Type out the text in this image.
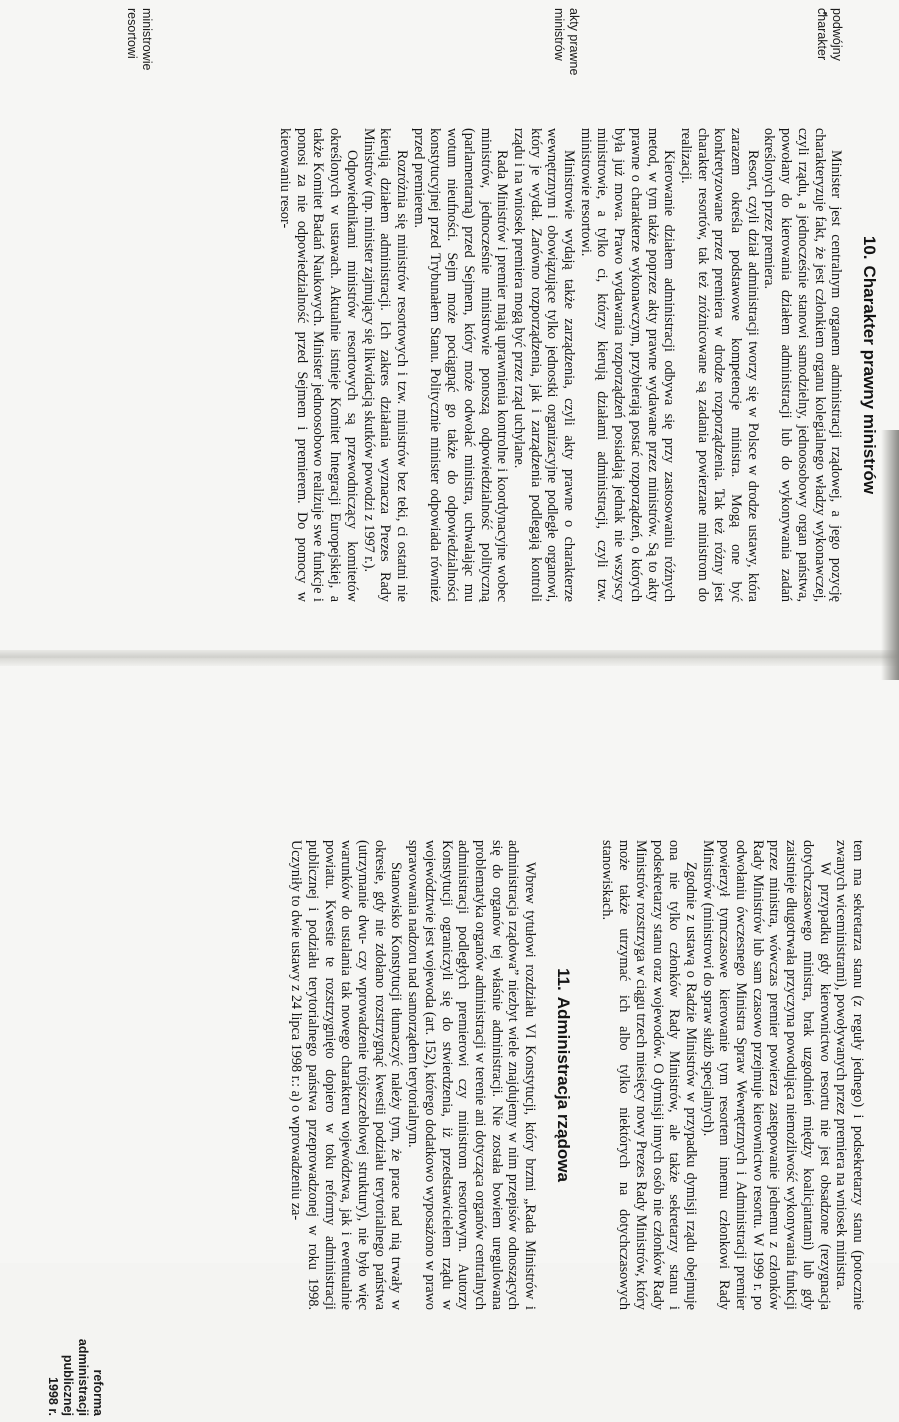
podwójny charakter
akty prawne ministrów
ministrowie resortowi
10.Charakter prawny ministrów

Minister jest centralnym organem administracji rządowej, a jego pozycję charakteryzuje fakt, że jest członkiem organu kolegialnego władzy wykonawczej, czyli rządu, a jednocześnie stanowi samodzielny, jednoosobowy organ państwa, powołany do kierowania działem administracji lub do wykonywania zadań określonych przez premiera.

Resort, czyli dział administracji tworzy się w Polsce w drodze ustawy, która zarazem określa podstawowe kompetencje ministra. Mogą one być konkretyzowane przez premiera w drodze rozporządzenia. Tak też różny jest charakter resortów, tak też zróżnicowane są zadania powierzane ministrom do realizacji.

Kierowanie działem administracji odbywa się przy zastosowaniu różnych metod, w tym także poprzez akty prawne wydawane przez ministrów. Są to akty prawne o charakterze wykonawczym, przybierają postać rozporządzeń, o których była już mowa. Prawo wydawania rozporządzeń posiadają jednak nie wszyscy ministrowie, a tylko ci, którzy kierują działami administracji, czyli tzw. ministrowie resortowi.

Ministrowie wydają także zarządzenia, czyli akty prawne o charakterze wewnętrznym i obowiązujące tylko jednostki organizacyjne podległe organowi, który je wydał. Zarówno rozporządzenia, jak i zarządzenia podlegają kontroli rządu i na wniosek premiera mogą być przez rząd uchylane.

Rada Ministrów i premier mają uprawnienia kontrolne i koordynacyjne wobec ministrów, jednocześnie ministrowie ponoszą odpowiedzialność polityczną (parlamentarną) przed Sejmem, który może odwołać ministra, uchwalając mu wotum nieufności. Sejm może pociągnąć go także do odpowiedzialności konstytucyjnej przed Trybunałem Stanu. Politycznie minister odpowiada również przed premierem.

Rozróżnia się ministrów resortowych i tzw. ministrów bez teki, ci ostatni nie kierują działem administracji. Ich zakres działania wyznacza Prezes Rady Ministrów (np. minister zajmujący się likwidacją skutków powodzi z 1997 r.).

Odpowiednikami ministrów resortowych są przewodniczący komitetów określonych w ustawach. Aktualnie istnieje Komitet Integracji Europejskiej, a także Komitet Badań Naukowych. Minister jednoosobowo realizuje swe funkcje i ponosi za nie odpowiedzialność przed Sejmem i premierem. Do pomocy w kierowaniu resor-

tem ma sekretarza stanu (z reguły jednego) i podsekretarzy stanu (potocznie zwanych wiceministrami), powoływanych przez premiera na wniosek ministra.

W przypadku gdy kierownictwo resortu nie jest obsadzone (rezygnacja dotychczasowego ministra, brak uzgodnień między koalicjantami) lub gdy zaistnieje długotrwała przyczyna powodująca niemożliwość wykonywania funkcji przez ministra, wówczas premier powierza zastępowanie jednemu z członków Rady Ministrów lub sam czasowo przejmuje kierownictwo resortu. W 1999 r. po odwołaniu ówczesnego Ministra Spraw Wewnętrznych i Administracji premier powierzył tymczasowe kierowanie tym resortem innemu członkowi Rady Ministrów (ministrowi do spraw służb specjalnych).

Zgodnie z ustawą o Radzie Ministrów w przypadku dymisji rządu obejmuje ona nie tylko członków Rady Ministrów, ale także sekretarzy stanu i podsekretarzy stanu oraz wojewodów. O dymisji innych osób nie członków Rady Ministrów rozstrzyga w ciągu trzech miesięcy nowy Prezes Rady Ministrów, który może także utrzymać ich albo tylko niektórych na dotychczasowych stanowiskach.

11.Administracja rządowa

Wbrew tytułowi rozdziału VI Konstytucji, który brzmi „Rada Ministrów i administracja rządowa” niezbyt wiele znajdujemy w nim przepisów odnoszących się do organów tej właśnie administracji. Nie została bowiem uregulowana problematyka organów administracji w terenie ani dotycząca organów centralnych administracji podległych premierowi czy ministrom resortowym. Autorzy Konstytucji ograniczyli się do stwierdzenia, iż przedstawicielem rządu w województwie jest wojewoda (art. 152), którego dodatkowo wyposażono w prawo sprawowania nadzoru nad samorządem terytorialnym.

Stanowisko Konstytucji tłumaczyć należy tym, że prace nad nią trwały w okresie, gdy nie zdołano rozstrzygnąć kwestii podziału terytorialnego państwa (utrzymanie dwu- czy wprowadzenie trójszczeblowej struktury), nie było więc warunków do ustalania tak nowego charakteru województwa, jak i ewentualnie powiatu. Kwestie te rozstrzygnięto dopiero w toku reformy administracji publicznej i podziału terytorialnego państwa przeprowadzonej w roku 1998. Uczyniły to dwie ustawy z 24 lipca 1998 r.: a) o wprowadzeniu za-

reforma administracji publicznej 1998 r.
